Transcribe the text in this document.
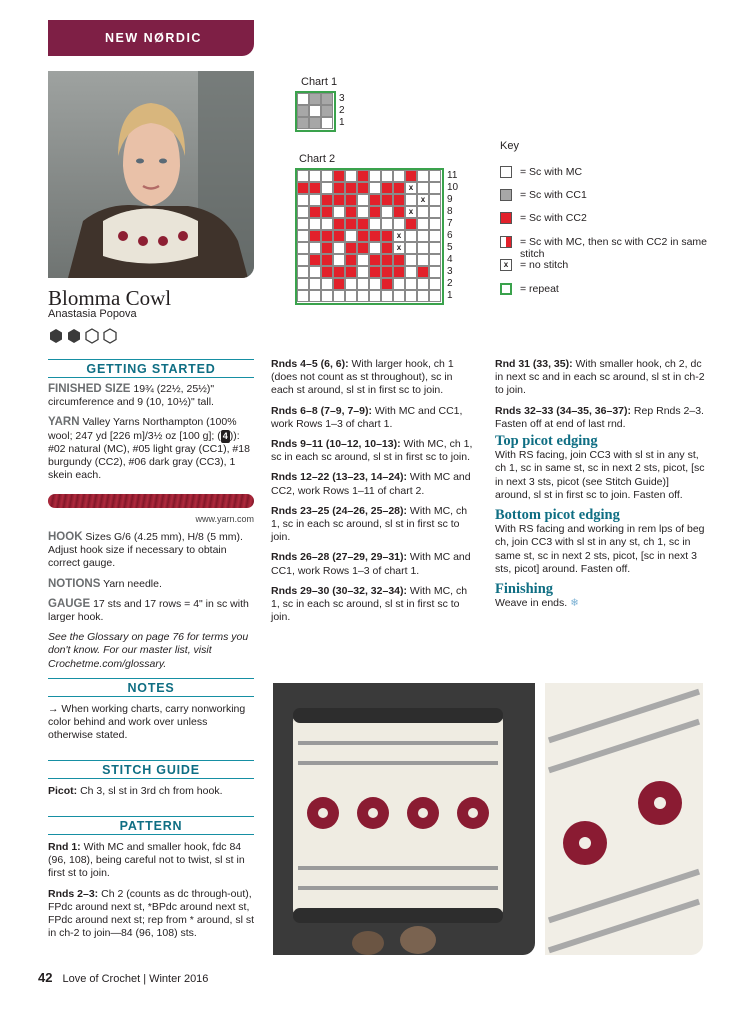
NEW NØRDIC
Blomma Cowl
Anastasia Popova
Chart 1
3
2
1
Chart 2
x
x
x
x
x
11
10
9
8
7
6
5
4
3
2
1
Key
= Sc with MC
= Sc with CC1
= Sc with CC2
= Sc with MC, then sc with CC2 in same stitch
x	= no stitch
= repeat
GETTING STARTED

FINISHED SIZE 19¾ (22½, 25½)" circumference and 9 (10, 10½)" tall.

YARN Valley Yarns Northampton (100% wool; 247 yd [226 m]/3½ oz [100 g]; ( 4 )): #02 natural (MC), #05 light gray (CC1), #18 burgundy (CC2), #06 dark gray (CC3), 1 skein each.

www.yarn.com

HOOK Sizes G/6 (4.25 mm), H/8 (5 mm). Adjust hook size if necessary to obtain correct gauge.

NOTIONS Yarn needle.

GAUGE 17 sts and 17 rows = 4" in sc with larger hook.

See the Glossary on page 76 for terms you don't know. For our master list, visit Crochetme.com/glossary.

NOTES

→ When working charts, carry nonworking color behind and work over unless otherwise stated.

STITCH GUIDE

Picot: Ch 3, sl st in 3rd ch from hook.

PATTERN

Rnd 1: With MC and smaller hook, fdc 84 (96, 108), being careful not to twist, sl st in first st to join.

Rnds 2–3: Ch 2 (counts as dc through-out), FPdc around next st, *BPdc around next st, FPdc around next st; rep from * around, sl st in ch-2 to join—84 (96, 108) sts.

Rnds 4–5 (6, 6): With larger hook, ch 1 (does not count as st throughout), sc in each st around, sl st in first sc to join.

Rnds 6–8 (7–9, 7–9): With MC and CC1, work Rows 1–3 of chart 1.

Rnds 9–11 (10–12, 10–13): With MC, ch 1, sc in each sc around, sl st in first sc to join.

Rnds 12–22 (13–23, 14–24): With MC and CC2, work Rows 1–11 of chart 2.

Rnds 23–25 (24–26, 25–28): With MC, ch 1, sc in each sc around, sl st in first sc to join.

Rnds 26–28 (27–29, 29–31): With MC and CC1, work Rows 1–3 of chart 1.

Rnds 29–30 (30–32, 32–34): With MC, ch 1, sc in each sc around, sl st in first sc to join.

Rnd 31 (33, 35): With smaller hook, ch 2, dc in next sc and in each sc around, sl st in ch-2 to join.

Rnds 32–33 (34–35, 36–37): Rep Rnds 2–3. Fasten off at end of last rnd.

Top picot edging

With RS facing, join CC3 with sl st in any st, ch 1, sc in same st, sc in next 2 sts, picot, [sc in next 3 sts, picot (see Stitch Guide)] around, sl st in first sc to join. Fasten off.

Bottom picot edging

With RS facing and working in rem lps of beg ch, join CC3 with sl st in any st, ch 1, sc in same st, sc in next 2 sts, picot, [sc in next 3 sts, picot] around. Fasten off.

Finishing

Weave in ends. ❄

42 Love of Crochet | Winter 2016
